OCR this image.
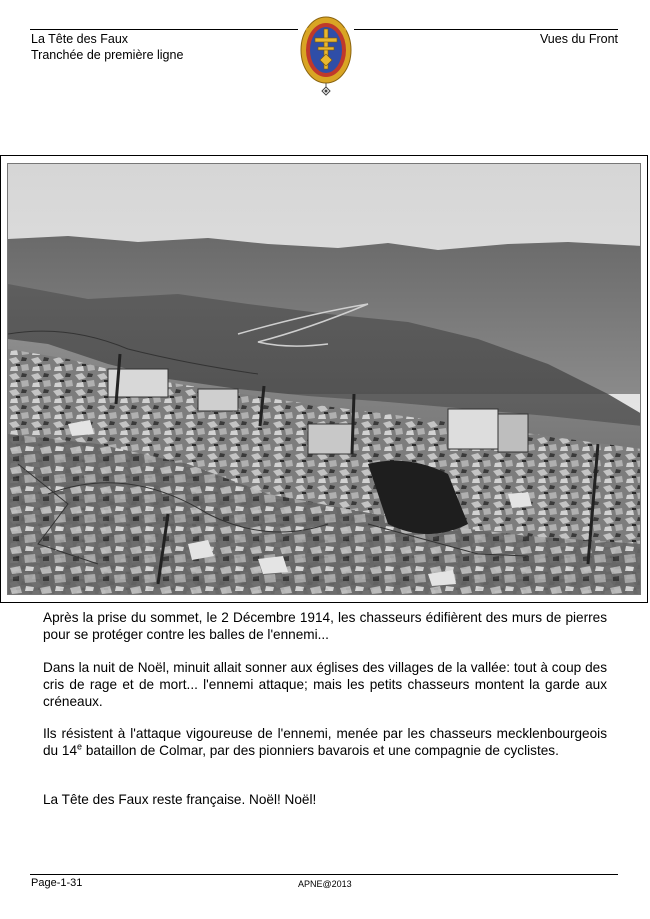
La Tête des Faux
Tranchée de première ligne
Vues du Front

Après la prise du sommet, le 2 Décembre 1914, les chasseurs édifièrent des murs de pierres pour se protéger contre les balles de l'ennemi...

Dans la nuit de Noël, minuit allait sonner aux églises des villages de la vallée: tout à coup des cris de rage et de mort... l'ennemi attaque; mais les petits chasseurs montent la garde aux créneaux.

Ils résistent à l'attaque vigoureuse de l'ennemi, menée par les chasseurs mecklenbourgeois du 14e bataillon de Colmar, par des pionniers bavarois et une compagnie de cyclistes.

La Tête des Faux reste française. Noël! Noël!

Page-1-31	APNE@2013
